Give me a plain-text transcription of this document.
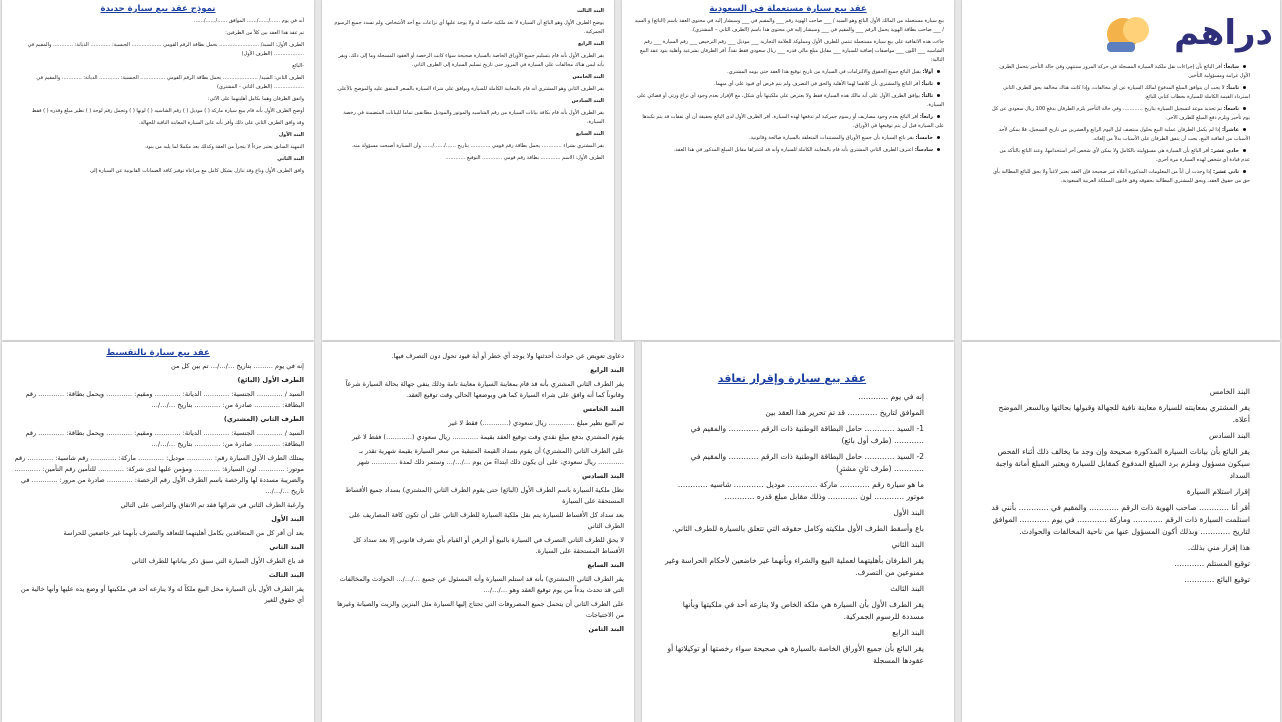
نموذج عقد بيع سيارة جديدة
أنه في يوم ……/……/…… الموافق ……/……/……
تم عقد هذا العقد بين كلاً من الطرفين:
الطرف الأول: السيد/ …………………… يحمل بطاقة الرقم القومي ……………… الجنسية: ………… الديانة: ………… والمقيم في ……………… (الطرف الأول)
-البائع
الطرف الثاني: السيد/ ………………… يحمل بطاقة الرقم القومي …………… الجنسية: ………… الديانة: ………… والمقيم في ……………… (الطرف الثاني - المشتري)
واتفق الطرفان وهما بكامل أهليتهما على الآتي:
أوضح الطرف الأول بأنه قام ببيع سيارة ماركة ( ) موديل ( ) رقم الشاسيه ( ) لونها ( ) وتحمل رقم لوحة ( ) نظير مبلغ وقدره ( ) فقط
وقد وافق الطرف الثاني على ذلك وأقر بأنه عاين السيارة المعاينة النافية للجهالة.
البند الأول
التمهيد السابق يعتبر جزءاً لا يتجزأ من العقد وكذلك يعد مكملا لما يليه من بنود.
البند الثاني
وافق الطرف الأول وباع وقد تنازل بشكل كامل مع مراعاة توفير كافة الضمانات القانونية عن السيارة إلى
البند الثالث
يوضح الطرف الأول وهو البائع أن السيارة لا تعد ملكية خاصة له ولا يوجد عليها أي نزاعات مع أحد الأشخاص، ولم تسدد جميع الرسوم الجمركية.
البند الرابع
يقر الطرف الأول بأنه قام بتسليم جميع الأوراق الخاصة بالسيارة صحيحة سواء كانت الرخصة أو العقود المسجلة وما إلى ذلك، ويقر بأنه ليس هناك مخالفات على السيارة في المرور حتى تاريخ تسليم السيارة إلى الطرف الثاني.
البند الخامس
يقر الطرف الثاني وهو المشتري أنه قام بالمعاينة الكاملة للسيارة ويوافق على شراء السيارة بالسعر المتفق عليه والموضح بالأعلى.
البند السادس
يقر الطرف الأول بأنه قام بكافة بيانات السيارة من رقم الشاسيه والموتور والموديل مطابقين تماما للبيانات المتضمنة في رخصة السيارة.
البند السابع
يقر المشتري بشراء ………… يحمل بطاقة رقم قومي ………… بتاريخ ……/……/…… وأن السيارة أصبحت مسؤولة منه.
الطرف الأول: الاسم ………… بطاقة رقم قومي ………… التوقيع …………
عقد بيع سيارة مستعملة في السعودية
بيع سيارة مستعملة من المالك الأول البائع وهو السيد / ___ صاحب الهوية رقم ___ والمقيم في ___ وسيشار إليه في محتوى العقد باسم (البائع) و السيد / ___ صاحب بطاقة الهوية يحمل الرقم ___ والمقيم في ___ وسيشار إليه في محتوى هذا باسم (الطرف الثاني – المشتري).
جاءت هذه الاتفاقية على بيع سيارة مستعملة تنتمي للطرف الأول ومملوكة للعلامة التجارية ___ موديل ___ رقم الترخيص ___ رقم السيارة ___ رقم الشاسيه ___ اللون ___ مواصفات إضافية للسيارة ___ مقابل مبلغ مالي قدره ___ ريال سعودي فقط نقداً. أقر الطرفان بشرعية وأهلية بنود عقد البيع التالية:
أولاً: يقبل البائع جميع الحقوق والالتزامات في السيارة من تاريخ توقيع هذا العقد حتى يومه المشتري.
ثانياً: أقر البائع والمشتري بأن كلاهما لهما الأهلية والحق في التصرف ولم يتم فرض أي قيود على أي منهما.
ثالثاً: يوافق الطرف الأول على أنه مالك هذه السيارة فقط ولا يعترض على ملكيتها بأي شكل، مع الإقرار بعدم وجود أي نزاع ورثي أو قضائي على السيارة.
رابعاً: أقر البائع بعدم وجود مصاريف أو رسوم جمركية لم تدفعها لهذه السيارة. أقر الطرف الأول لدى البائع بحقيقة أن أي نفقات قد يتم تكبدها على السيارة قبل أن يتم توقيعها في الأوراق.
خامساً: يقر بائع السيارة بأن جميع الأوراق والمستندات المتعلقة بالسيارة صالحة وقانونية.
سادساً: اعترف الطرف الثاني المشتري بأنه قام بالمعاينة الكاملة للسيارة وأنه قد اشتراها مقابل المبلغ المذكور في هذا العقد.
سابعاً: أقر البائع بأن إجراءات نقل ملكية السيارة المسجلة في حركة المرور ستنتهي وفي حالة التأخير يتحمل الطرف الأول غرامة ومسؤولية التأخير.
ثامناً: لا يجب أن يتوافق المبلغ المدفوع لمالك السيارة عن أي مخالفات، وإذا كانت هناك مخالفة يحق للطرف الثاني استرداد القيمة الكاملة للسيارة بخطاب كتابي للبائع.
تاسعاً: تم تحديد موعد لتسجيل السيارة بتاريخ ………… وفي حالة التأخير يلزم الطرفان بدفع 100 ريال سعودي عن كل يوم تأخير ويلزم دفع المبلغ للطرف الآخر.
عاشراً: إذا لم يكمل الطرفان عملية البيع بحلول منتصف ليل اليوم الرابع والعشرين من تاريخ التسجيل، فلا يمكن لأحد الأسباب من اتفاقية البيع، يجب أن يتفق الطرفان على الأسباب بدلاً من إلغائه.
حادي عشر: أقر البائع بأن السيارة هي مسؤوليته بالكامل ولا يمكن لأي شخص آخر استخدامها، وعند البائع بالتأكد من عدم قيادة أي شخص لهذه السيارة مرة أخرى.
ثاني عشر: إذا وجدت أن أياً من المعلومات المذكورة أعلاه غير صحيحة فإن العقد يعتبر لاغياً ولا يحق للبائع المطالبة بأي حق من حقوق العقد، ويحق للمشتري المطالبة بحقوقه وفق قانون المملكة العربية السعودية.
دراهم
عقد بيع سيارة بالتقسيط
إنه في يوم ……… بتاريخ …/…/… تم بين كل من
الطرف الأول (البائع)
السيد / ………… الجنسية: ………… الديانة: ………… ومقيم: ………… ويحمل بطاقة: ………… رقم البطاقة: ………… صادرة من: ………… بتاريخ …/…/…
الطرف الثاني (المشتري)
السيد / ………… الجنسية: ………… الديانة: ………… ومقيم: ………… ويحمل بطاقة: ………… رقم البطاقة: ………… صادرة من: ………… بتاريخ …/…/…
يمتلك الطرف الأول السيارة رقم: ………… موديل: ………… ماركة: ………… رقم شاسية: ………… رقم موتور: ………… لون السيارة: ………… ومؤمن عليها لدى شركة: ………… للتأمين رقم التأمين: ………… والضريبة مسددة لها والرخصة باسم الطرف الأول رقم الرخصة: ………… صادرة من مرور: ………… في تاريخ …/…/…
وارغبة الطرف الثاني في شرائها فقد تم الاتفاق والتراضي على التالي
البند الأول
بعد أن أقر كل من المتعاقدين بكامل أهليتهما للتعاقد والتصرف بأنهما غير خاضعين للحراسة
البند الثاني
قد باع الطرف الأول السيارة التي سبق ذكر بياناتها للطرف الثاني
البند الثالث
يقر الطرف الأول بأن السيارة محل البيع ملكاً له ولا ينازعه أحد في ملكيتها أو وضع يده عليها وأنها خالية من أي حقوق للغير
دعاوى تعويض عن حوادث أحدثتها ولا يوجد أي خطر أو أية قيود تحول دون التصرف فيها.
البند الرابع
يقر الطرف الثاني المشتري بأنه قد قام بمعاينة السيارة معاينة تامة وذلك ينفي جهالة بحالة السيارة شرعاً وقانوناً كما أنه وافق على شراء السيارة كما هي وبوضعها الحالي وقت توقيع العقد.
البند الخامس
تم البيع نظير مبلغ ………… ريال سعودي (…………) فقط لا غير
يقوم المشتري بدفع مبلغ نقدي وقت توقيع العقد بقيمة ………… ريال سعودي (…………) فقط لا غير
على الطرف الثاني (المشتري) أن يقوم بسداد القيمة المتبقية من سعر السيارة بقيمة شهرية تقدر بـ ………… ريال سعودي، على أن يكون ذلك ابتداءً من يوم …/…/… وستمر ذلك لمدة ………… شهر
البند السادس
تظل ملكية السيارة باسم الطرف الأول (البائع) حتى يقوم الطرف الثاني (المشتري) بسداد جميع الأقساط المستحقة على السيارة
بعد سداد كل الأقساط للسيارة يتم نقل ملكية السيارة للطرف الثاني على أن تكون كافة المصاريف على الطرف الثاني
لا يحق للطرف الثاني التصرف في السيارة بالبيع أو الرهن أو القيام بأي تصرف قانوني إلا بعد سداد كل الأقساط المستحقة على السيارة.
البند السابع
يقر الطرف الثاني (المشتري) بأنه قد استلم السيارة وأنه المسئول عن جميع …/…/… الحوادث والمخالفات التي قد تحدث بدءاً من يوم توقيع العقد وهو …/…/…
على الطرف الثاني أن يتحمل جميع المصروفات التي تحتاج إليها السيارة مثل البنزين والزيت والصيانة وغيرها من الاحتياجات
البند الثامن
عقد بيع سيارة وإقرار تعاقد
إنه في يوم …………
الموافق لتاريخ ………… قد تم تحرير هذا العقد بين
1- السيد ………… حامل البطاقة الوطنية ذات الرقم ………… والمقيم في ………… (طرف أول بائع)
2- السيد ………… حامل البطاقة الوطنية ذات الرقم ………… والمقيم في ………… (طرف ثانٍ مشترٍ)
ما هو سيارة رقم ………… ماركة ………… موديل ………… شاسيه ………… موتور ………… لون ………… وذلك مقابل مبلغ قدره …………
البند الأول
باع وأسقط الطرف الأول ملكيته وكامل حقوقه التي تتعلق بالسيارة للطرف الثاني.
البند الثاني
يقر الطرفان بأهليتهما لعملية البيع والشراء وبأنهما غير خاضعين لأحكام الحراسة وغير ممنوعين من التصرف.
البند الثالث
يقر الطرف الأول بأن السيارة هي ملكه الخاص ولا ينازعه أحد في ملكيتها وبأنها مسددة للرسوم الجمركية.
البند الرابع
يقر البائع بأن جميع الأوراق الخاصة بالسيارة هي صحيحة سواء رخصتها أو توكيلاتها أو عقودها المسجلة
البند الخامس
يقر المشتري بمعاينته للسيارة معاينة نافية للجهالة وقبولها بحالتها وبالسعر الموضح أعلاه.
البند السادس
يقر البائع بأن بيانات السيارة المذكورة صحيحة وإن وجد ما يخالف ذلك أثناء الفحص سيكون مسؤول وملزم برد المبلغ المدفوع كمقابل للسيارة ويعتبر المبلغ أمانة واجبة السداد
إقرار استلام السيارة
أقر أنا ………… صاحب الهوية ذات الرقم ………… والمقيم في ………… بأنني قد استلمت السيارة ذات الرقم ………… وماركة ………… في يوم ………… الموافق لتاريخ ………… وبذلك أكون المسؤول عنها من ناحية المخالفات والحوادث.
هذا إقرار مني بذلك.
توقيع المستلم …………
توقيع البائع …………
